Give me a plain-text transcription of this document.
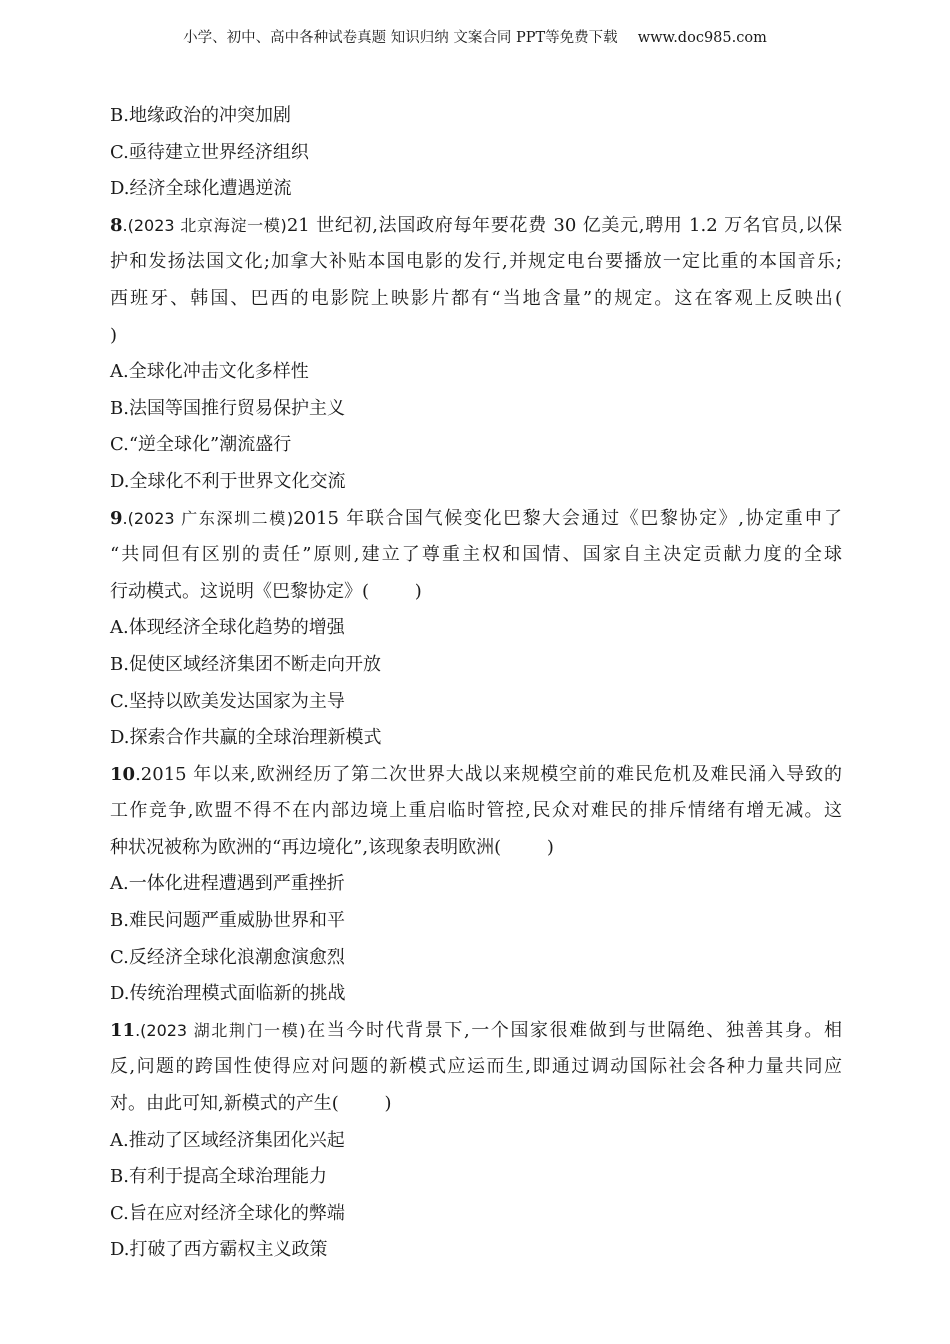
小学、初中、高中各种试卷真题 知识归纳 文案合同 PPT等免费下载 www.doc985.com
B.地缘政治的冲突加剧
C.亟待建立世界经济组织
D.经济全球化遭遇逆流
8.(2023 北京海淀一模)21 世纪初,法国政府每年要花费 30 亿美元,聘用 1.2 万名官员,以保
护和发扬法国文化;加拿大补贴本国电影的发行,并规定电台要播放一定比重的本国音乐;
西班牙、韩国、巴西的电影院上映影片都有“当地含量”的规定。这在客观上反映出(
)
A.全球化冲击文化多样性
B.法国等国推行贸易保护主义
C.“逆全球化”潮流盛行
D.全球化不利于世界文化交流
9.(2023 广东深圳二模)2015 年联合国气候变化巴黎大会通过《巴黎协定》,协定重申了
“共同但有区别的责任”原则,建立了尊重主权和国情、国家自主决定贡献力度的全球
行动模式。这说明《巴黎协定》(        )
A.体现经济全球化趋势的增强
B.促使区域经济集团不断走向开放
C.坚持以欧美发达国家为主导
D.探索合作共赢的全球治理新模式
10.2015 年以来,欧洲经历了第二次世界大战以来规模空前的难民危机及难民涌入导致的
工作竞争,欧盟不得不在内部边境上重启临时管控,民众对难民的排斥情绪有增无减。这
种状况被称为欧洲的“再边境化”,该现象表明欧洲(        )
A.一体化进程遭遇到严重挫折
B.难民问题严重威胁世界和平
C.反经济全球化浪潮愈演愈烈
D.传统治理模式面临新的挑战
11.(2023 湖北荆门一模)在当今时代背景下,一个国家很难做到与世隔绝、独善其身。相
反,问题的跨国性使得应对问题的新模式应运而生,即通过调动国际社会各种力量共同应
对。由此可知,新模式的产生(        )
A.推动了区域经济集团化兴起
B.有利于提高全球治理能力
C.旨在应对经济全球化的弊端
D.打破了西方霸权主义政策
